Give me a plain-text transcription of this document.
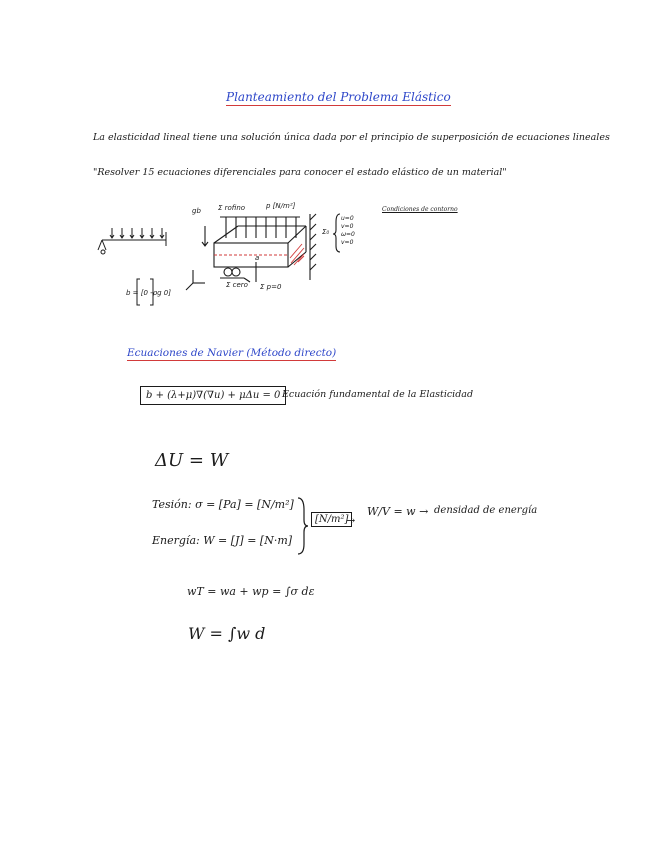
Planteamiento del Problema Elástico
La elasticidad lineal tiene una solución única dada por el principio de superposición de ecuaciones lineales
"Resolver 15 ecuaciones diferenciales para conocer el estado elástico de un material"
gb Σ rofino	p [N/m²]
Σ₀
u=0 v=0 ω=0 v=0
a
Σ cero Σ p=0
b = [0 -ρg 0]
Condiciones de contorno
Ecuaciones de Navier (Método directo)
b + (λ+μ)∇(∇u) + μΔu = 0 Ecuación fundamental de la Elasticidad
ΔU = W
Tesión: σ = [Pa] = [N/m²]
Energía: W = [J] = [N·m]
[N/m²]
→
W/V = w → densidad de energía
wT = wa + wp = ∫σ dε
W = ∫w d
